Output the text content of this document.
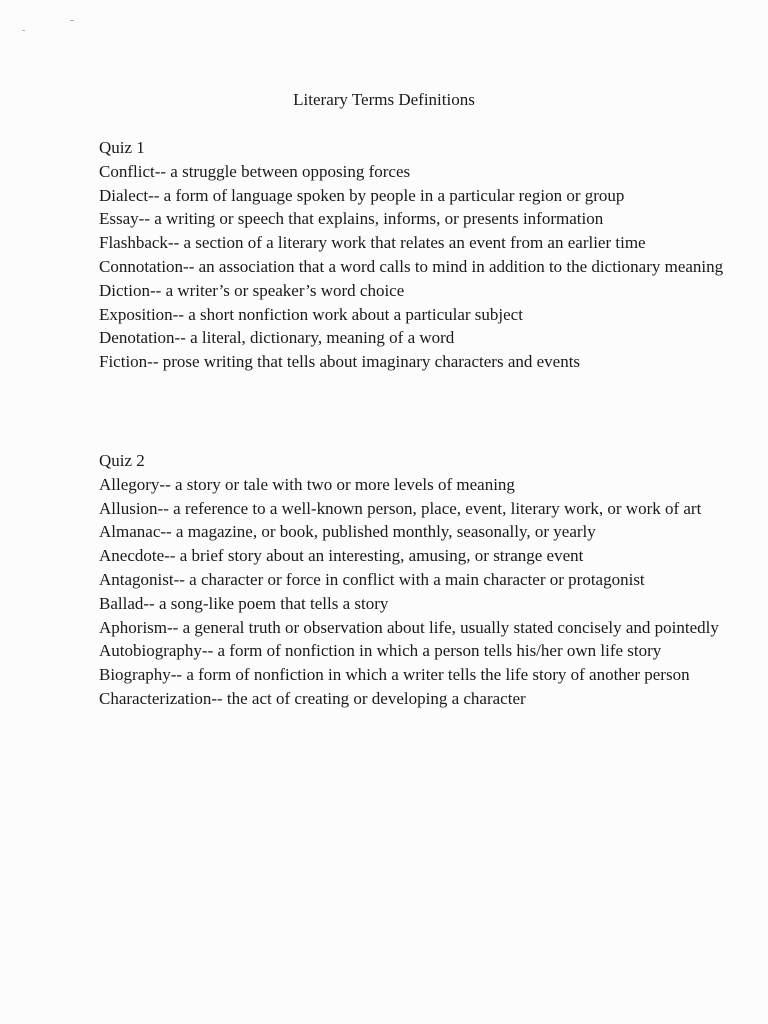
Literary Terms Definitions

Quiz 1

Conflict-- a struggle between opposing forces

Dialect-- a form of language spoken by people in a particular region or group

Essay-- a writing or speech that explains, informs, or presents information

Flashback-- a section of a literary work that relates an event from an earlier time

Connotation-- an association that a word calls to mind in addition to the dictionary meaning

Diction-- a writer’s or speaker’s word choice

Exposition-- a short nonfiction work about a particular subject

Denotation-- a literal, dictionary, meaning of a word

Fiction-- prose writing that tells about imaginary characters and events

Quiz 2

Allegory-- a story or tale with two or more levels of meaning

Allusion-- a reference to a well-known person, place, event, literary work, or work of art

Almanac-- a magazine, or book, published monthly, seasonally, or yearly

Anecdote-- a brief story about an interesting, amusing, or strange event

Antagonist-- a character or force in conflict with a main character or protagonist

Ballad-- a song-like poem that tells a story

Aphorism-- a general truth or observation about life, usually stated concisely and pointedly

Autobiography-- a form of nonfiction in which a person tells his/her own life story

Biography-- a form of nonfiction in which a writer tells the life story of another person

Characterization-- the act of creating or developing a character
